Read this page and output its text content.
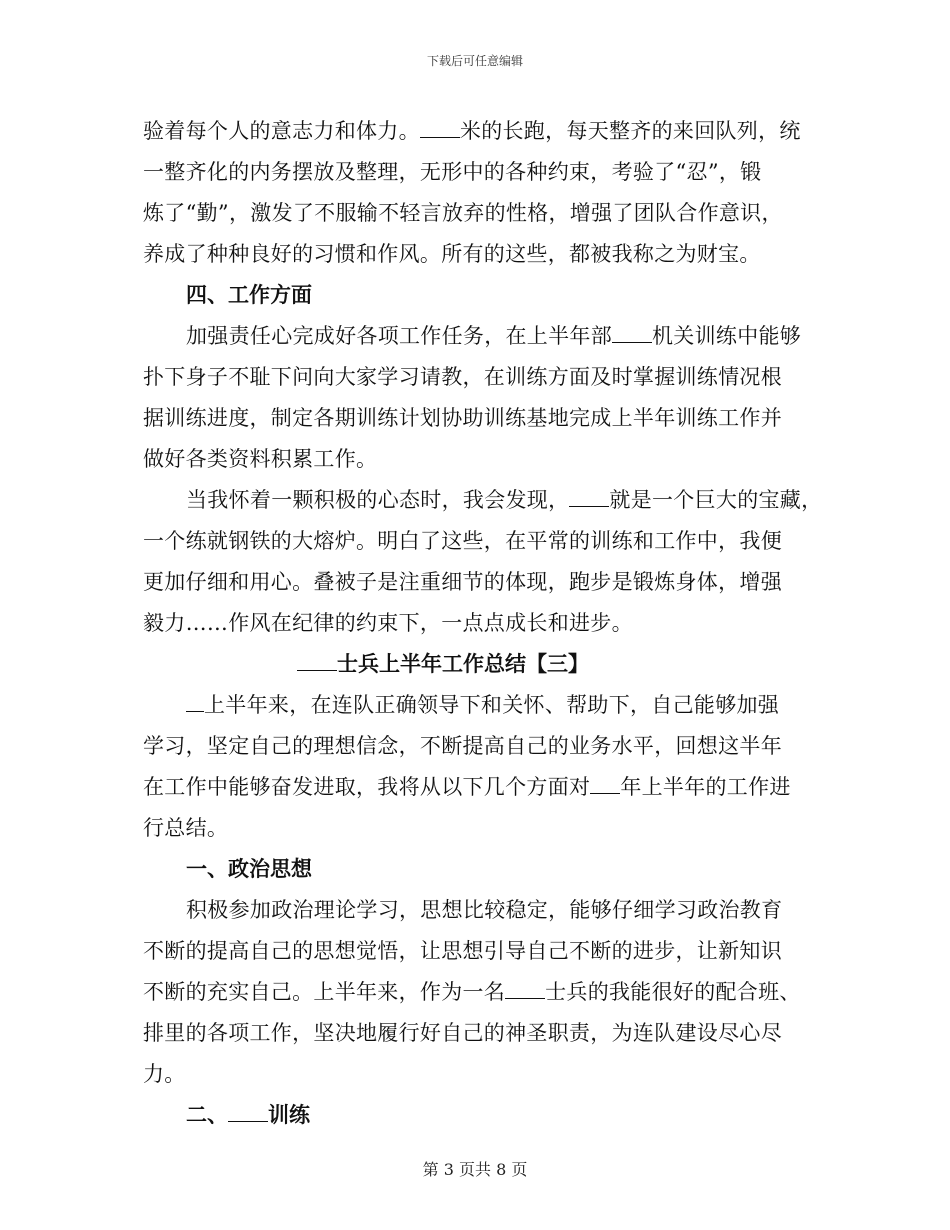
下载后可任意编辑
验着每个人的意志力和体力。 米的长跑，每天整齐的来回队列，统
一整齐化的内务摆放及整理，无形中的各种约束，考验了“忍”，锻
炼了“勤”，激发了不服输不轻言放弃的性格，增强了团队合作意识，
养成了种种良好的习惯和作风。所有的这些，都被我称之为财宝。
四、工作方面
加强责任心完成好各项工作任务，在上半年部 机关训练中能够
扑下身子不耻下问向大家学习请教，在训练方面及时掌握训练情况根
据训练进度，制定各期训练计划协助训练基地完成上半年训练工作并
做好各类资料积累工作。
当我怀着一颗积极的心态时，我会发现， 就是一个巨大的宝藏，
一个练就钢铁的大熔炉。明白了这些，在平常的训练和工作中，我便
更加仔细和用心。叠被子是注重细节的体现，跑步是锻炼身体，增强
毅力……作风在纪律的约束下，一点点成长和进步。
士兵上半年工作总结【三】
上半年来，在连队正确领导下和关怀、帮助下，自己能够加强
学习，坚定自己的理想信念，不断提高自己的业务水平，回想这半年
在工作中能够奋发进取，我将从以下几个方面对 年上半年的工作进
行总结。
一、政治思想
积极参加政治理论学习，思想比较稳定，能够仔细学习政治教育
不断的提高自己的思想觉悟，让思想引导自己不断的进步，让新知识
不断的充实自己。上半年来，作为一名 士兵的我能很好的配合班、
排里的各项工作，坚决地履行好自己的神圣职责，为连队建设尽心尽
力。
二、 训练
第 3 页共 8 页
